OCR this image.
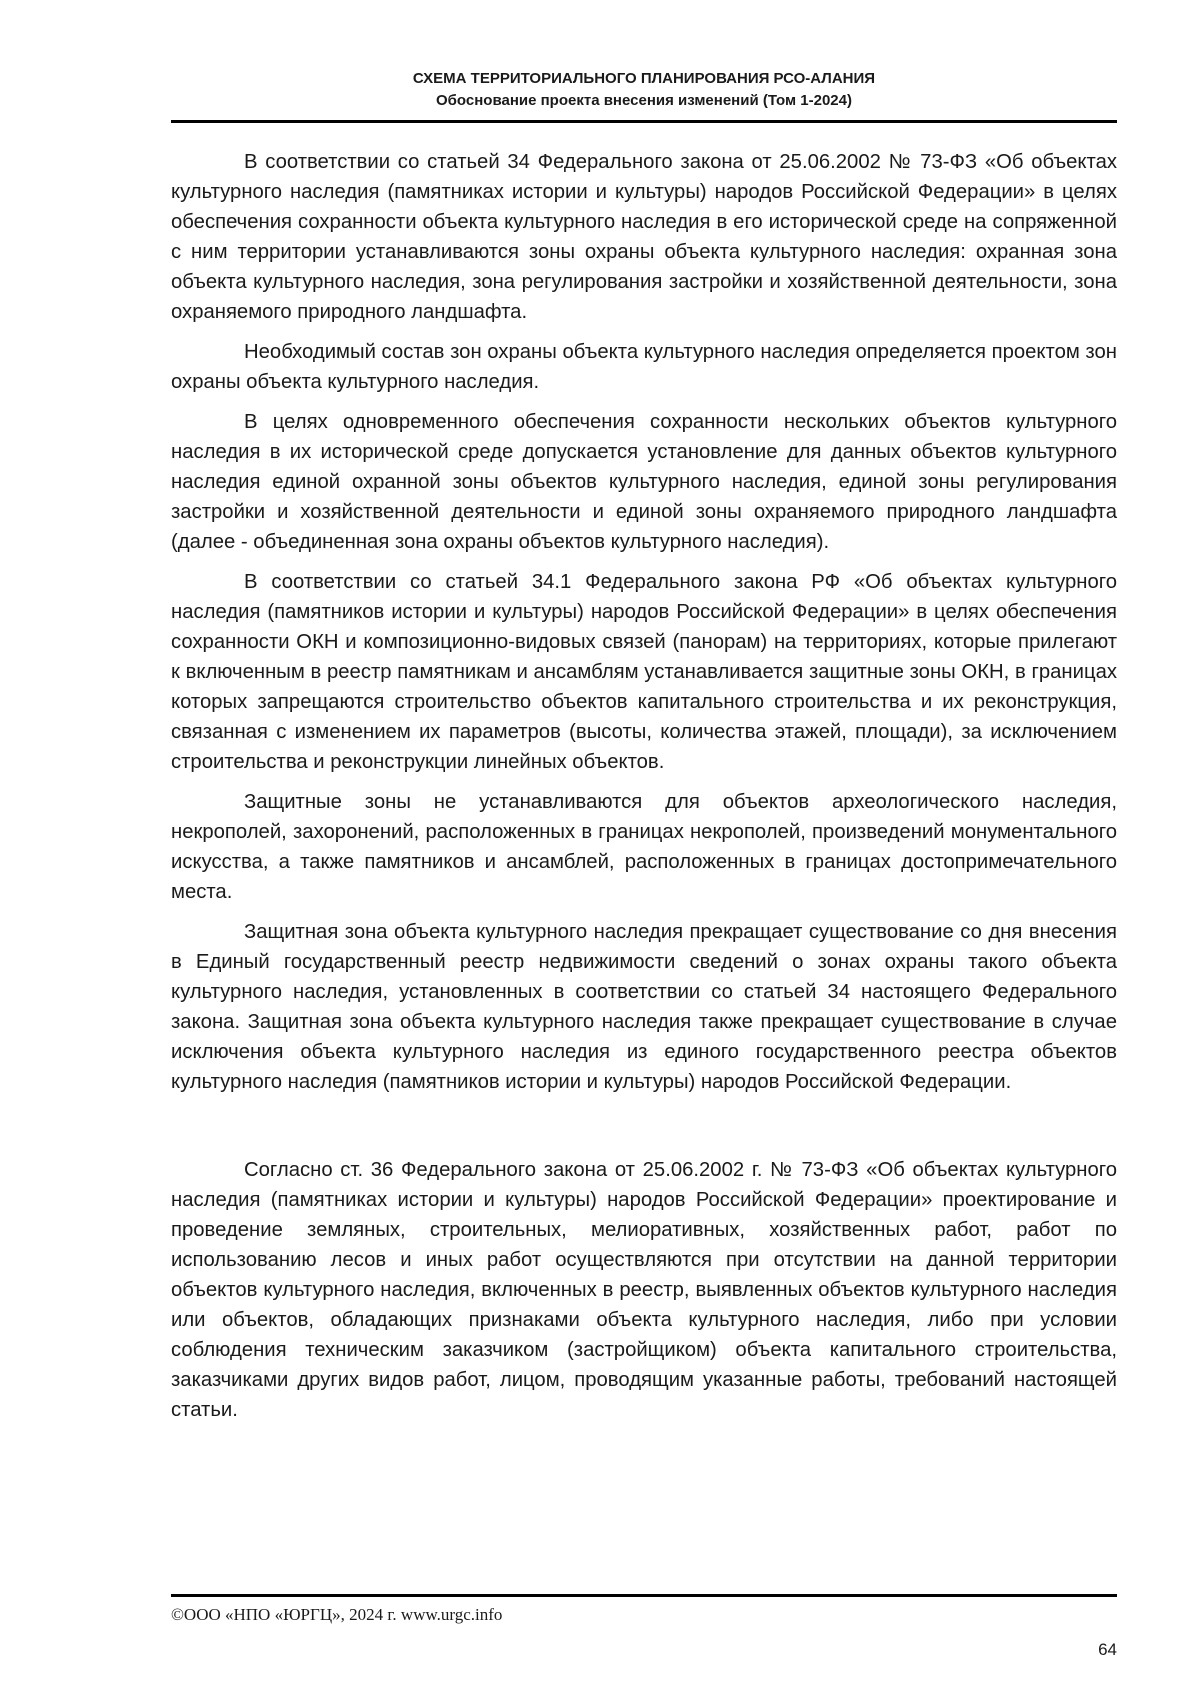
СХЕМА ТЕРРИТОРИАЛЬНОГО ПЛАНИРОВАНИЯ РСО-АЛАНИЯ
Обоснование проекта внесения изменений (Том 1-2024)

В соответствии со статьей 34 Федерального закона от 25.06.2002 № 73-ФЗ «Об объектах культурного наследия (памятниках истории и культуры) народов Российской Федерации» в целях обеспечения сохранности объекта культурного наследия в его исторической среде на сопряженной с ним территории устанавливаются зоны охраны объекта культурного наследия: охранная зона объекта культурного наследия, зона регулирования застройки и хозяйственной деятельности, зона охраняемого природного ландшафта.

Необходимый состав зон охраны объекта культурного наследия определяется проектом зон охраны объекта культурного наследия.

В целях одновременного обеспечения сохранности нескольких объектов культурного наследия в их исторической среде допускается установление для данных объектов культурного наследия единой охранной зоны объектов культурного наследия, единой зоны регулирования застройки и хозяйственной деятельности и единой зоны охраняемого природного ландшафта (далее - объединенная зона охраны объектов культурного наследия).

В соответствии со статьей 34.1 Федерального закона РФ «Об объектах культурного наследия (памятников истории и культуры) народов Российской Федерации» в целях обеспечения сохранности ОКН и композиционно-видовых связей (панорам) на территориях, которые прилегают к включенным в реестр памятникам и ансамблям устанавливается защитные зоны ОКН, в границах которых запрещаются строительство объектов капитального строительства и их реконструкция, связанная с изменением их параметров (высоты, количества этажей, площади), за исключением строительства и реконструкции линейных объектов.

Защитные зоны не устанавливаются для объектов археологического наследия, некрополей, захоронений, расположенных в границах некрополей, произведений монументального искусства, а также памятников и ансамблей, расположенных в границах достопримечательного места.

Защитная зона объекта культурного наследия прекращает существование со дня внесения в Единый государственный реестр недвижимости сведений о зонах охраны такого объекта культурного наследия, установленных в соответствии со статьей 34 настоящего Федерального закона. Защитная зона объекта культурного наследия также прекращает существование в случае исключения объекта культурного наследия из единого государственного реестра объектов культурного наследия (памятников истории и культуры) народов Российской Федерации.

Согласно ст. 36 Федерального закона от 25.06.2002 г. № 73-ФЗ «Об объектах культурного наследия (памятниках истории и культуры) народов Российской Федерации» проектирование и проведение земляных, строительных, мелиоративных, хозяйственных работ, работ по использованию лесов и иных работ осуществляются при отсутствии на данной территории объектов культурного наследия, включенных в реестр, выявленных объектов культурного наследия или объектов, обладающих признаками объекта культурного наследия, либо при условии соблюдения техническим заказчиком (застройщиком) объекта капитального строительства, заказчиками других видов работ, лицом, проводящим указанные работы, требований настоящей статьи.

©ООО «НПО «ЮРГЦ», 2024 г. www.urgc.info
64
